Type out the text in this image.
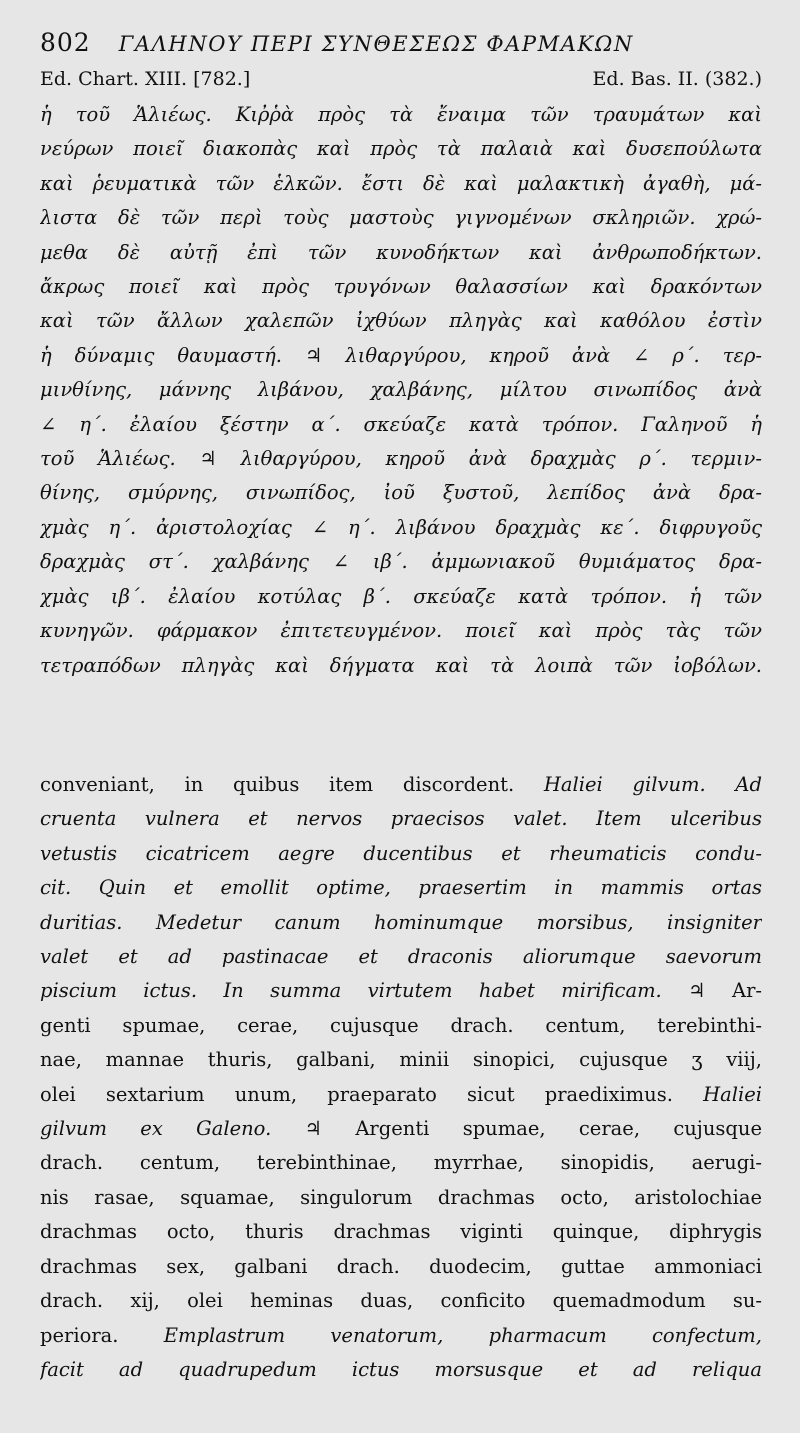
802 ΓΑΛΗΝΟΥ ΠΕΡΙ ΣΥΝΘΕΣΕΩΣ ΦΑΡΜΑΚΩΝ
Ed. Chart. XIII. [782.]	Ed. Bas. II. (382.)
ἡ τοῦ Ἁλιέως. Κιῤῥὰ πρὸς τὰ ἔναιμα τῶν τραυμάτων καὶ
νεύρων ποιεῖ διακοπὰς καὶ πρὸς τὰ παλαιὰ καὶ δυσεπούλωτα
καὶ ῥευματικὰ τῶν ἑλκῶν. ἔστι δὲ καὶ μαλακτικὴ ἀγαθὴ, μά-
λιστα δὲ τῶν περὶ τοὺς μαστοὺς γιγνομένων σκληριῶν. χρώ-
μεθα δὲ αὐτῇ ἐπὶ τῶν κυνοδήκτων καὶ ἀνθρωποδήκτων.
ἄκρως ποιεῖ καὶ πρὸς τρυγόνων θαλασσίων καὶ δρακόντων
καὶ τῶν ἄλλων χαλεπῶν ἰχθύων πληγὰς καὶ καθόλου ἐστὶν
ἡ δύναμις θαυμαστή. ♃ λιθαργύρου, κηροῦ ἀνὰ ∠ ρ΄. τερ-
μινθίνης, μάννης λιβάνου, χαλβάνης, μίλτου σινωπίδος ἀνὰ
∠ η΄. ἐλαίου ξέστην α΄. σκεύαζε κατὰ τρόπον. Γαληνοῦ ἡ
τοῦ Ἁλιέως. ♃ λιθαργύρου, κηροῦ ἀνὰ δραχμὰς ρ΄. τερμιν-
θίνης, σμύρνης, σινωπίδος, ἰοῦ ξυστοῦ, λεπίδος ἀνὰ δρα-
χμὰς η΄. ἀριστολοχίας ∠ η΄. λιβάνου δραχμὰς κε΄. διφρυγοῦς
δραχμὰς στ΄. χαλβάνης ∠ ιβ΄. ἀμμωνιακοῦ θυμιάματος δρα-
χμὰς ιβ΄. ἐλαίου κοτύλας β΄. σκεύαζε κατὰ τρόπον. ἡ τῶν
κυνηγῶν. φάρμακον ἐπιτετευγμένον. ποιεῖ καὶ πρὸς τὰς τῶν
τετραπόδων πληγὰς καὶ δήγματα καὶ τὰ λοιπὰ τῶν ἰοβόλων.
conveniant, in quibus item discordent. Haliei gilvum. Ad
cruenta vulnera et nervos praecisos valet. Item ulceribus
vetustis cicatricem aegre ducentibus et rheumaticis condu-
cit. Quin et emollit optime, praesertim in mammis ortas
duritias. Medetur canum hominumque morsibus, insigniter
valet et ad pastinacae et draconis aliorumque saevorum
piscium ictus. In summa virtutem habet mirificam. ♃ Ar-
genti spumae, cerae, cujusque drach. centum, terebinthi-
nae, mannae thuris, galbani, minii sinopici, cujusque ʒ viij,
olei sextarium unum, praeparato sicut praediximus. Haliei
gilvum ex Galeno. ♃ Argenti spumae, cerae, cujusque
drach. centum, terebinthinae, myrrhae, sinopidis, aerugi-
nis rasae, squamae, singulorum drachmas octo, aristolochiae
drachmas octo, thuris drachmas viginti quinque, diphrygis
drachmas sex, galbani drach. duodecim, guttae ammoniaci
drach. xij, olei heminas duas, conficito quemadmodum su-
periora. Emplastrum venatorum, pharmacum confectum,
facit ad quadrupedum ictus morsusque et ad reliqua
